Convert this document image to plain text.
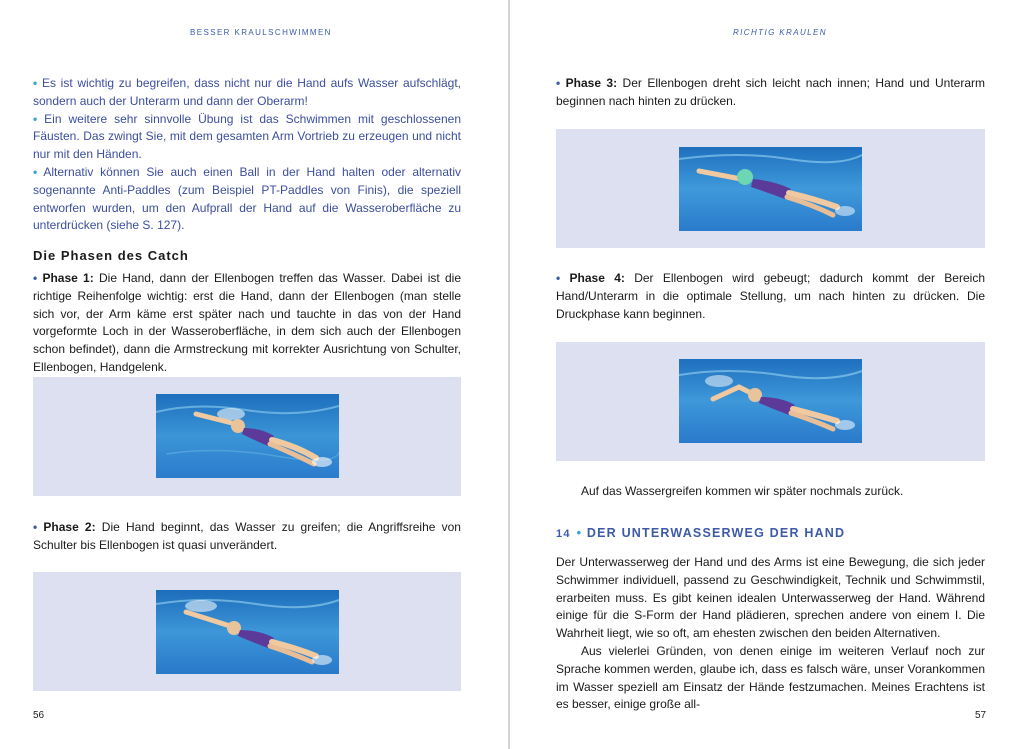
BESSER KRAULSCHWIMMEN

• Es ist wichtig zu begreifen, dass nicht nur die Hand aufs Wasser aufschlägt, sondern auch der Unterarm und dann der Oberarm!

• Ein weitere sehr sinnvolle Übung ist das Schwimmen mit geschlossenen Fäusten. Das zwingt Sie, mit dem gesamten Arm Vortrieb zu erzeugen und nicht nur mit den Händen.

• Alternativ können Sie auch einen Ball in der Hand halten oder alternativ sogenannte Anti-Paddles (zum Beispiel PT-Paddles von Finis), die speziell entworfen wurden, um den Aufprall der Hand auf die Wasseroberfläche zu unterdrücken (siehe S. 127).

Die Phasen des Catch

• Phase 1: Die Hand, dann der Ellenbogen treffen das Wasser. Dabei ist die richtige Reihenfolge wichtig: erst die Hand, dann der Ellenbogen (man stelle sich vor, der Arm käme erst später nach und tauchte in das von der Hand vorgeformte Loch in der Wasseroberfläche, in dem sich auch der Ellenbogen schon befindet), dann die Armstreckung mit korrekter Ausrichtung von Schulter, Ellenbogen, Handgelenk.

• Phase 2: Die Hand beginnt, das Wasser zu greifen; die Angriffsreihe von Schulter bis Ellenbogen ist quasi unverändert.

56
RICHTIG KRAULEN

• Phase 3: Der Ellenbogen dreht sich leicht nach innen; Hand und Unterarm beginnen nach hinten zu drücken.

• Phase 4: Der Ellenbogen wird gebeugt; dadurch kommt der Bereich Hand/Unterarm in die optimale Stellung, um nach hinten zu drücken. Die Druckphase kann beginnen.

Auf das Wassergreifen kommen wir später nochmals zurück.

14 • DER UNTERWASSERWEG DER HAND

Der Unterwasserweg der Hand und des Arms ist eine Bewegung, die sich jeder Schwimmer individuell, passend zu Geschwindigkeit, Technik und Schwimmstil, erarbeiten muss. Es gibt keinen idealen Unterwasserweg der Hand. Während einige für die S-Form der Hand plädieren, sprechen andere von einem I. Die Wahrheit liegt, wie so oft, am ehesten zwischen den beiden Alternativen.

Aus vielerlei Gründen, von denen einige im weiteren Verlauf noch zur Sprache kommen werden, glaube ich, dass es falsch wäre, unser Vorankommen im Wasser speziell am Einsatz der Hände festzumachen. Meines Erachtens ist es besser, einige große all-

57
